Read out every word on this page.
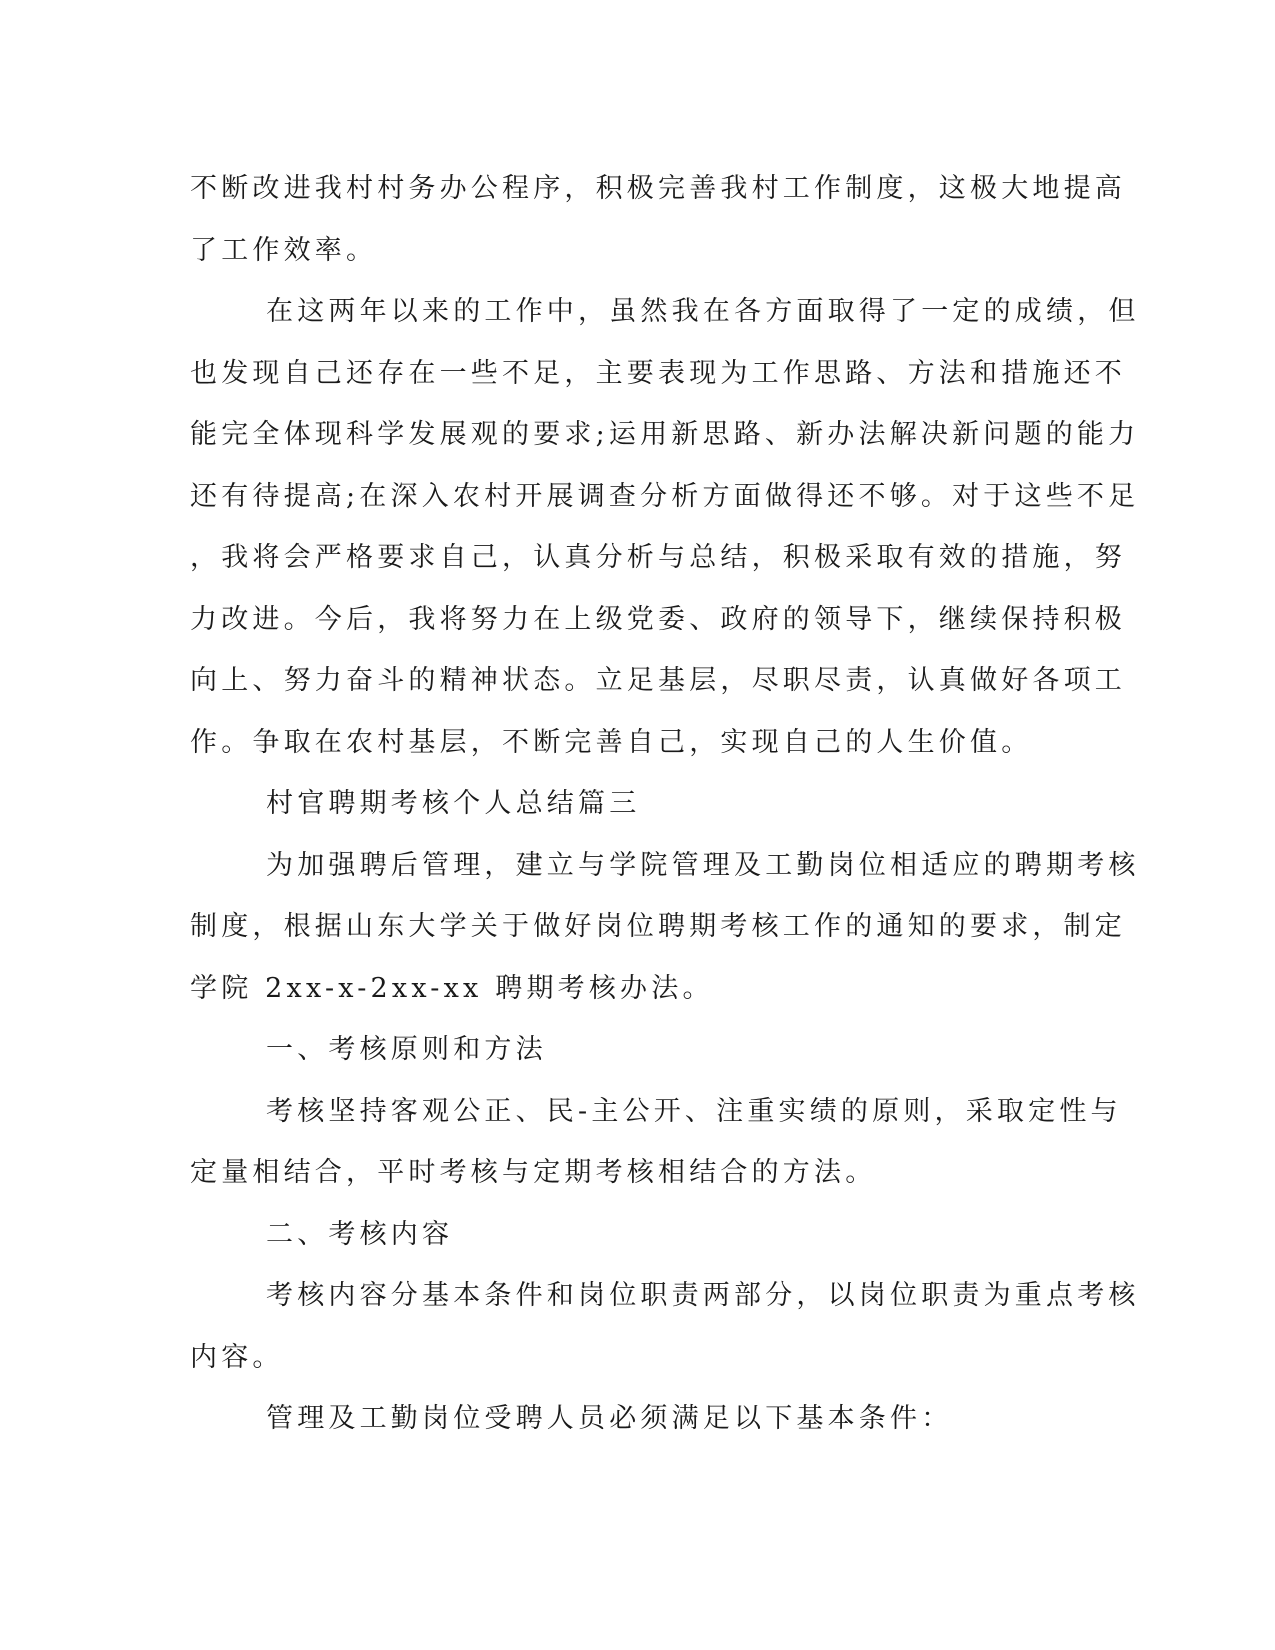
不断改进我村村务办公程序，积极完善我村工作制度，这极大地提高

了工作效率。

在这两年以来的工作中，虽然我在各方面取得了一定的成绩，但

也发现自己还存在一些不足，主要表现为工作思路、方法和措施还不

能完全体现科学发展观的要求;运用新思路、新办法解决新问题的能力

还有待提高;在深入农村开展调查分析方面做得还不够。对于这些不足

，我将会严格要求自己，认真分析与总结，积极采取有效的措施，努

力改进。今后，我将努力在上级党委、政府的领导下，继续保持积极

向上、努力奋斗的精神状态。立足基层，尽职尽责，认真做好各项工

作。争取在农村基层，不断完善自己，实现自己的人生价值。

村官聘期考核个人总结篇三

为加强聘后管理，建立与学院管理及工勤岗位相适应的聘期考核

制度，根据山东大学关于做好岗位聘期考核工作的通知的要求，制定

学院 2xx-x-2xx-xx 聘期考核办法。

一、考核原则和方法

考核坚持客观公正、民-主公开、注重实绩的原则，采取定性与

定量相结合，平时考核与定期考核相结合的方法。

二、考核内容

考核内容分基本条件和岗位职责两部分，以岗位职责为重点考核

内容。

管理及工勤岗位受聘人员必须满足以下基本条件：
